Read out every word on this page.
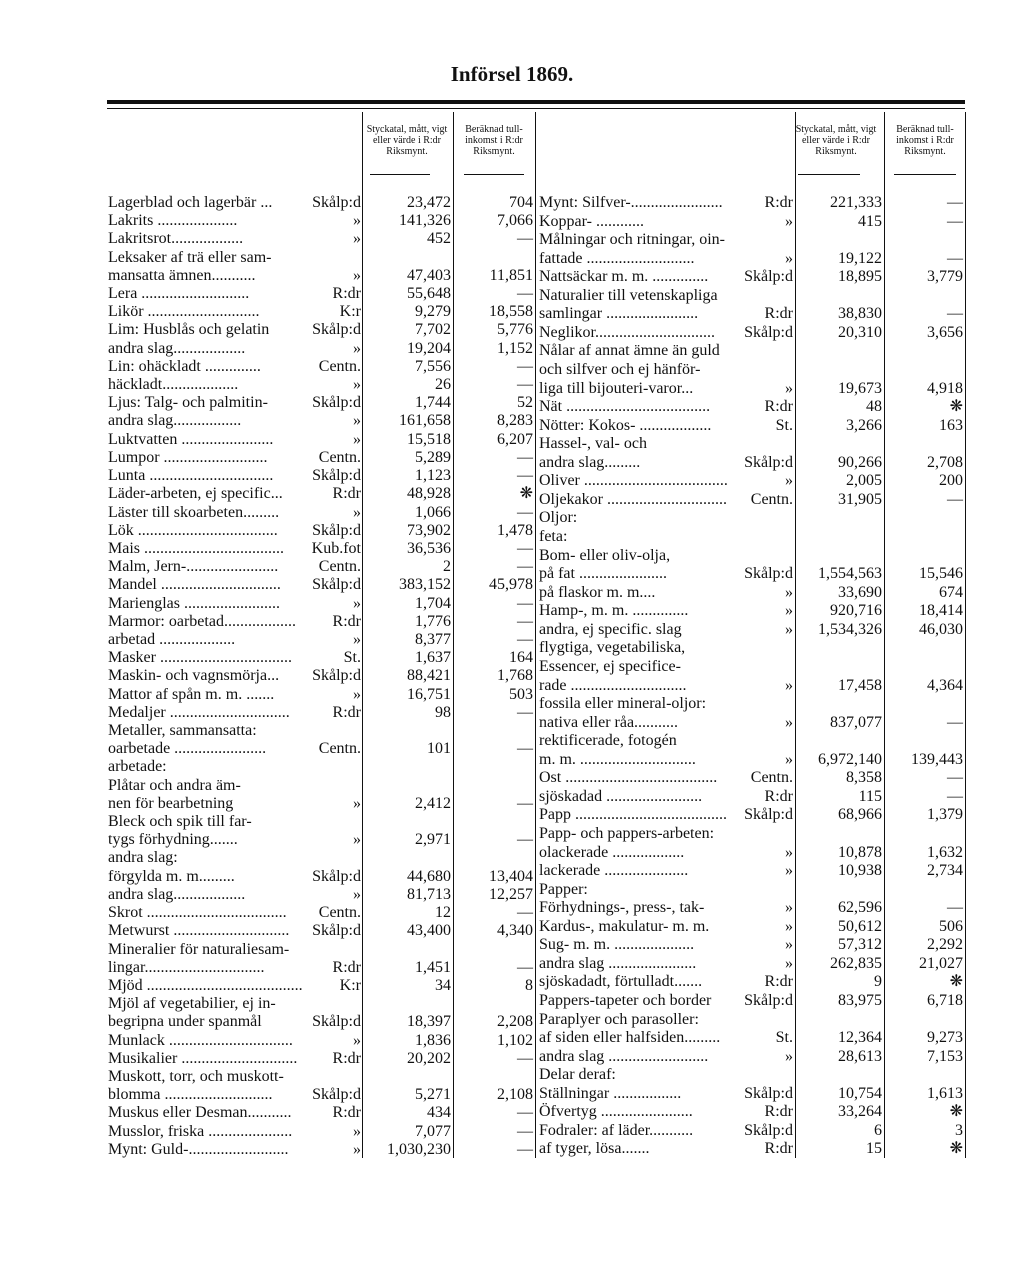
Införsel 1869.
Styckatal, mått, vigt eller värde i R:dr Riksmynt.
Beräknad tull-inkomst i R:dr Riksmynt.
Styckatal, mått, vigt eller värde i R:dr Riksmynt.
Beräknad tull-inkomst i R:dr Riksmynt.
Lagerblad och lagerbär ... Skålp:d	23,472	704
Lakrits ....................	»	141,326	7,066
Lakritsrot..................	»	452	—
Leksaker af trä eller sam-
mansatta ämnen...........	»	47,403	11,851
Lera ...........................	R:dr	55,648	—
Likör ............................	K:r	9,279	18,558
Lim: Husblås och gelatin	Skålp:d	7,702	5,776
andra slag..................	»	19,204	1,152
Lin: ohäckladt ..............	Centn.	7,556	—
häckladt...................	»	26	—
Ljus: Talg- och palmitin-	Skålp:d	1,744	52
andra slag.................	»	161,658	8,283
Luktvatten .......................	»	15,518	6,207
Lumpor ..........................	Centn.	5,289	—
Lunta ............................... Skålp:d	1,123	—
Läder-arbeten, ej specific...	R:dr	48,928	❋
Läster till skoarbeten.........	»	1,066	—
Lök ................................... Skålp:d	73,902	1,478
Mais ................................... Kub.fot	36,536	—
Malm, Jern-.......................	Centn.	2	—
Mandel .............................. Skålp:d	383,152	45,978
Marienglas ........................	»	1,704	—
Marmor: oarbetad.................. R:dr	1,776	—
arbetad ...................	»	8,377	—
Masker .................................	St.	1,637	164
Maskin- och vagnsmörja... Skålp:d	88,421	1,768
Mattor af spån m. m. .......	»	16,751	503
Medaljer ..............................	R:dr	98	—
Metaller, sammansatta:
oarbetade .......................	Centn.	101	—
arbetade:
Plåtar och andra äm-
nen för bearbetning	»	2,412	—
Bleck och spik till far-
tygs förhydning.......	»	2,971	—
andra slag:
förgylda m. m.........	Skålp:d	44,680	13,404
andra slag..................	»	81,713	12,257
Skrot ................................... Centn.	12	—
Metwurst ............................. Skålp:d	43,400	4,340
Mineralier för naturaliesam-
lingar..............................	R:dr	1,451	—
Mjöd ....................................... K:r	34	8
Mjöl af vegetabilier, ej in-
begripna under spanmål	Skålp:d	18,397	2,208
Munlack ...............................	»	1,836	1,102
Musikalier ............................. R:dr	20,202	—
Muskott, torr, och muskott-
blomma ........................... Skålp:d	5,271	2,108
Muskus eller Desman...........	R:dr	434	—
Musslor, friska .....................	»	7,077	—
Mynt: Guld-.........................	»	1,030,230	—
Mynt: Silfver-.......................	R:dr	221,333	—
Koppar- ............	»	415	—
Målningar och ritningar, oin-
fattade ...........................	»	19,122	—
Nattsäckar m. m. .............. Skålp:d	18,895	3,779
Naturalier till vetenskapliga
samlingar .......................	R:dr	38,830	—
Neglikor.............................. Skålp:d	20,310	3,656
Nålar af annat ämne än guld
och silfver och ej hänför-
liga till bijouteri-varor...	»	19,673	4,918
Nät ....................................	R:dr	48	❋
Nötter: Kokos- ..................	St.	3,266	163
Hassel-, val- och
andra slag.........	Skålp:d	90,266	2,708
Oliver ....................................	»	2,005	200
Oljekakor .............................. Centn.	31,905	—
Oljor:
feta:
Bom- eller oliv-olja,
på fat ......................	Skålp:d	1,554,563	15,546
på flaskor m. m....	»	33,690	674
Hamp-, m. m. ..............	»	920,716	18,414
andra, ej specific. slag	»	1,534,326	46,030
flygtiga, vegetabiliska,
Essencer, ej specifice-
rade .............................	»	17,458	4,364
fossila eller mineral-oljor:
nativa eller råa...........	»	837,077	—
rektificerade, fotogén
m. m. .............................	»	6,972,140	139,443
Ost ...................................... Centn.	8,358	—
sjöskadad ........................	R:dr	115	—
Papp ...................................... Skålp:d	68,966	1,379
Papp- och pappers-arbeten:
olackerade ..................	»	10,878	1,632
lackerade .....................	»	10,938	2,734
Papper:
Förhydnings-, press-, tak-	»	62,596	—
Kardus-, makulatur- m. m.	»	50,612	506
Sug- m. m. ....................	»	57,312	2,292
andra slag ......................	»	262,835	21,027
sjöskadadt, förtulladt.......	R:dr	9	❋
Pappers-tapeter och border Skålp:d	83,975	6,718
Paraplyer och parasoller:
af siden eller halfsiden.........	St.	12,364	9,273
andra slag .........................	»	28,613	7,153
Delar deraf:
Ställningar .................	Skålp:d	10,754	1,613
Öfvertyg .......................	R:dr	33,264	❋
Fodraler: af läder...........	Skålp:d	6	3
af tyger, lösa.......	R:dr	15	❋
